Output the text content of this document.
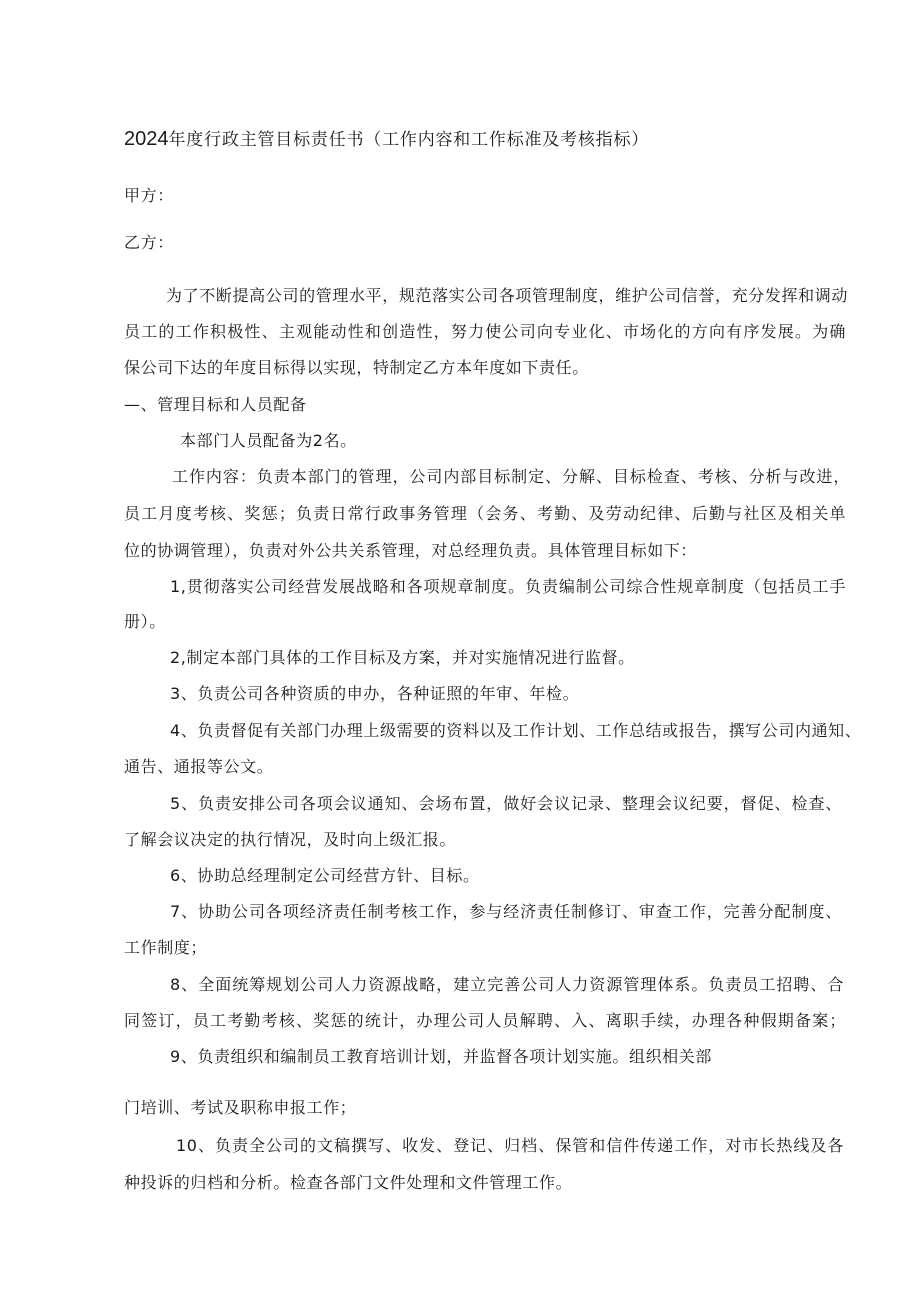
2024年度行政主管目标责任书（工作内容和工作标准及考核指标）
甲方：
乙方：
为了不断提高公司的管理水平，规范落实公司各项管理制度，维护公司信誉，充分发挥和调动
员工的工作积极性、主观能动性和创造性，努力使公司向专业化、市场化的方向有序发展。为确
保公司下达的年度目标得以实现，特制定乙方本年度如下责任。
—、管理目标和人员配备
本部门人员配备为2名。
工作内容：负责本部门的管理，公司内部目标制定、分解、目标检查、考核、分析与改进，
员工月度考核、奖惩；负责日常行政事务管理（会务、考勤、及劳动纪律、后勤与社区及相关单
位的协调管理），负责对外公共关系管理，对总经理负责。具体管理目标如下：
1,贯彻落实公司经营发展战略和各项规章制度。负责编制公司综合性规章制度（包括员工手
册）。
2,制定本部门具体的工作目标及方案，并对实施情况进行监督。
3、负责公司各种资质的申办，各种证照的年审、年检。
4、负责督促有关部门办理上级需要的资料以及工作计划、工作总结或报告，撰写公司内通知、
通告、通报等公文。
5、负责安排公司各项会议通知、会场布置，做好会议记录、整理会议纪要，督促、检查、
了解会议决定的执行情况，及时向上级汇报。
6、协助总经理制定公司经营方针、目标。
7、协助公司各项经济责任制考核工作，参与经济责任制修订、审查工作，完善分配制度、
工作制度；
8、全面统筹规划公司人力资源战略，建立完善公司人力资源管理体系。负责员工招聘、合
同签订，员工考勤考核、奖惩的统计，办理公司人员解聘、入、离职手续，办理各种假期备案；
9、负责组织和编制员工教育培训计划，并监督各项计划实施。组织相关部
门培训、考试及职称申报工作；
10、负责全公司的文稿撰写、收发、登记、归档、保管和信件传递工作，对市长热线及各
种投诉的归档和分析。检查各部门文件处理和文件管理工作。
